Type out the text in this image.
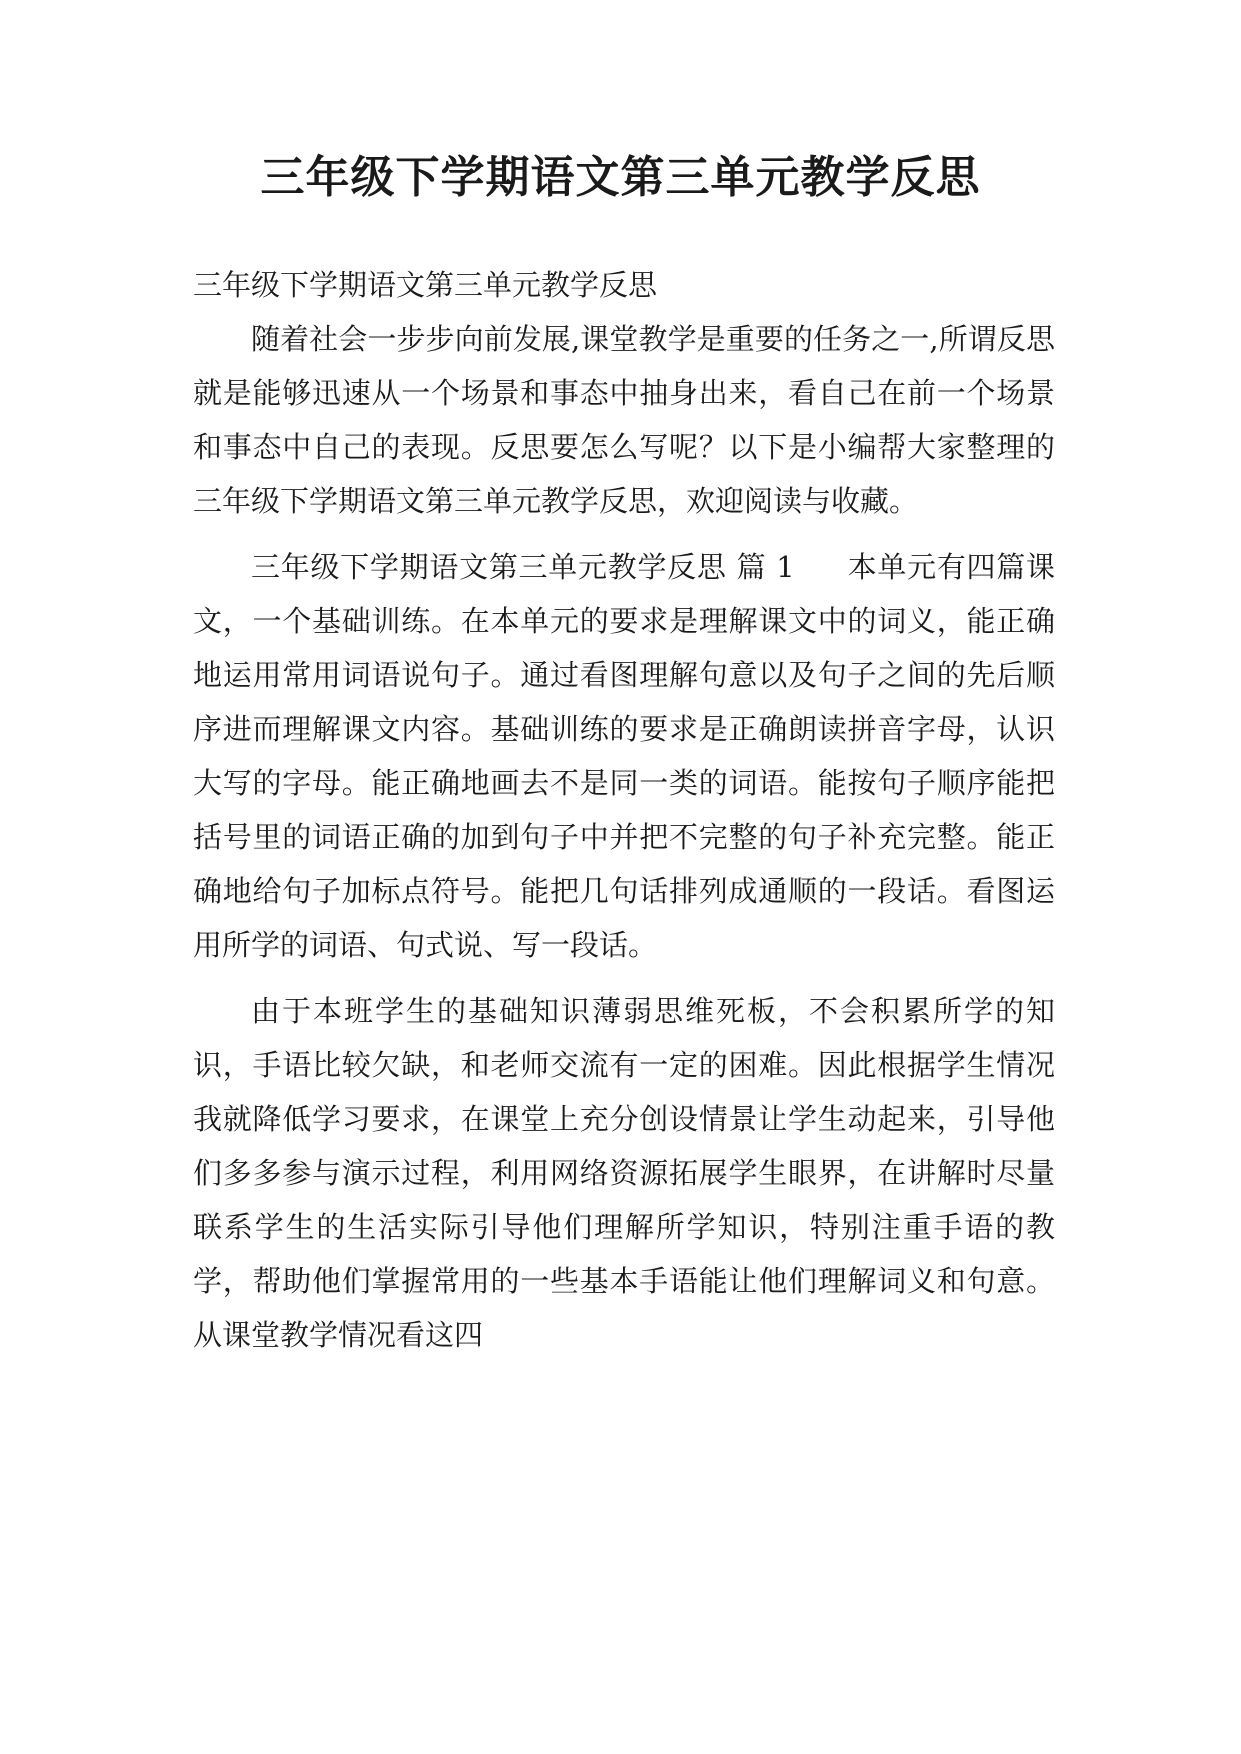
三年级下学期语文第三单元教学反思

三年级下学期语文第三单元教学反思

随着社会一步步向前发展,课堂教学是重要的任务之一,所谓反思就是能够迅速从一个场景和事态中抽身出来，看自己在前一个场景和事态中自己的表现。反思要怎么写呢？以下是小编帮大家整理的三年级下学期语文第三单元教学反思，欢迎阅读与收藏。

三年级下学期语文第三单元教学反思 篇 1 本单元有四篇课文，一个基础训练。在本单元的要求是理解课文中的词义，能正确地运用常用词语说句子。通过看图理解句意以及句子之间的先后顺序进而理解课文内容。基础训练的要求是正确朗读拼音字母，认识大写的字母。能正确地画去不是同一类的词语。能按句子顺序能把括号里的词语正确的加到句子中并把不完整的句子补充完整。能正确地给句子加标点符号。能把几句话排列成通顺的一段话。看图运用所学的词语、句式说、写一段话。

由于本班学生的基础知识薄弱思维死板，不会积累所学的知识，手语比较欠缺，和老师交流有一定的困难。因此根据学生情况我就降低学习要求，在课堂上充分创设情景让学生动起来，引导他们多多参与演示过程，利用网络资源拓展学生眼界，在讲解时尽量联系学生的生活实际引导他们理解所学知识，特别注重手语的教学，帮助他们掌握常用的一些基本手语能让他们理解词义和句意。从课堂教学情况看这四
